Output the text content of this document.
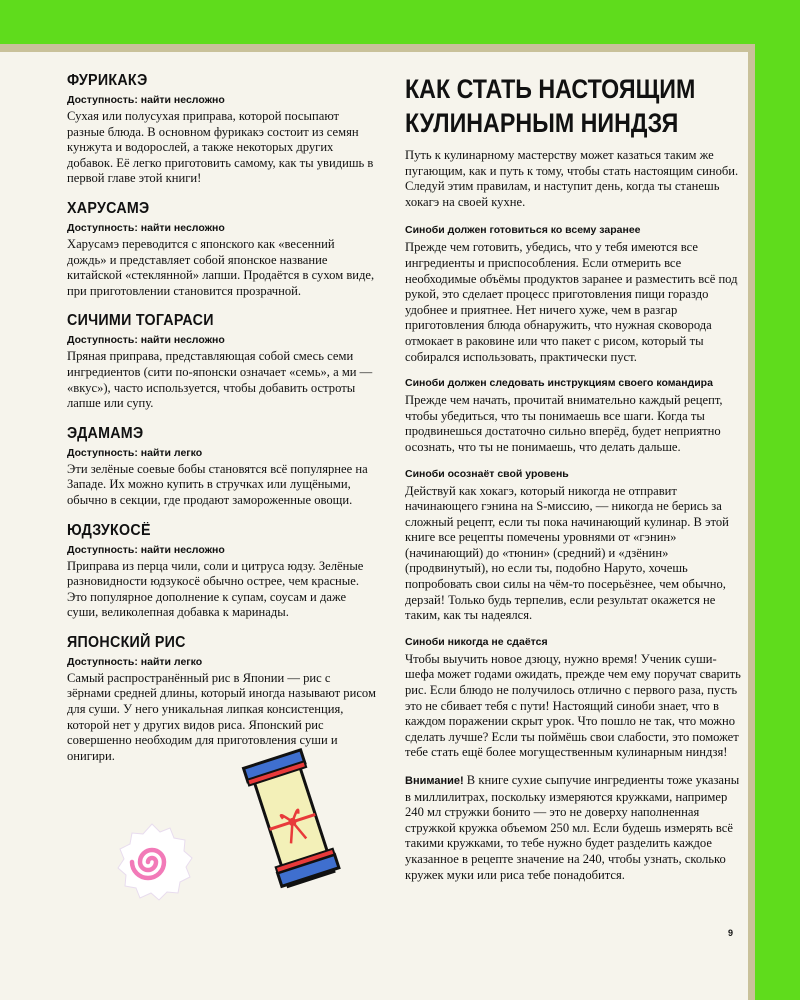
ФУРИКАКЭ
Доступность: найти несложно

Сухая или полусухая приправа, которой посыпают разные блюда. В основном фурикакэ состоит из семян кунжута и водорослей, а также некоторых других добавок. Её легко приготовить самому, как ты увидишь в первой главе этой книги!

ХАРУСАМЭ
Доступность: найти несложно

Харусамэ переводится с японского как «весенний дождь» и представляет собой японское название китайской «стеклянной» лапши. Продаётся в сухом виде, при приготовлении становится прозрачной.

СИЧИМИ ТОГАРАСИ
Доступность: найти несложно

Пряная приправа, представляющая собой смесь семи ингредиентов (сити по-японски означает «семь», а ми — «вкус»), часто используется, чтобы добавить остроты лапше или супу.

ЭДАМАМЭ
Доступность: найти легко

Эти зелёные соевые бобы становятся всё популярнее на Западе. Их можно купить в стручках или лущёными, обычно в секции, где продают замороженные овощи.

ЮДЗУКОСЁ
Доступность: найти несложно

Приправа из перца чили, соли и цитруса юдзу. Зелёные разновидности юдзукосё обычно острее, чем красные. Это популярное дополнение к супам, соусам и даже суши, великолепная добавка к маринады.

ЯПОНСКИЙ РИС
Доступность: найти легко

Самый распространённый рис в Японии — рис с зёрнами средней длины, который иногда называют рисом для суши. У него уникальная липкая консистенция, которой нет у других видов риса. Японский рис совершенно необходим для приготовления суши и онигири.

КАК СТАТЬ НАСТОЯЩИМ КУЛИНАРНЫМ НИНДЗЯ

Путь к кулинарному мастерству может казаться таким же пугающим, как и путь к тому, чтобы стать настоящим синоби. Следуй этим правилам, и наступит день, когда ты станешь хокагэ на своей кухне.

Синоби должен готовиться ко всему заранее

Прежде чем готовить, убедись, что у тебя имеются все ингредиенты и приспособления. Если отмерить все необходимые объёмы продуктов заранее и разместить всё под рукой, это сделает процесс приготовления пищи гораздо удобнее и приятнее. Нет ничего хуже, чем в разгар приготовления блюда обнаружить, что нужная сковорода отмокает в раковине или что пакет с рисом, который ты собирался использовать, практически пуст.

Синоби должен следовать инструкциям своего командира

Прежде чем начать, прочитай внимательно каждый рецепт, чтобы убедиться, что ты понимаешь все шаги. Когда ты продвинешься достаточно сильно вперёд, будет неприятно осознать, что ты не понимаешь, что делать дальше.

Синоби осознаёт свой уровень

Действуй как хокагэ, который никогда не отправит начинающего гэнина на S-миссию, — никогда не берись за сложный рецепт, если ты пока начинающий кулинар. В этой книге все рецепты помечены уровнями от «гэнин» (начинающий) до «тюнин» (средний) и «дзёнин» (продвинутый), но если ты, подобно Наруто, хочешь попробовать свои силы на чём-то посерьёзнее, чем обычно, дерзай! Только будь терпелив, если результат окажется не таким, как ты надеялся.

Синоби никогда не сдаётся

Чтобы выучить новое дзюцу, нужно время! Ученик суши-шефа может годами ожидать, прежде чем ему поручат сварить рис. Если блюдо не получилось отлично с первого раза, пусть это не сбивает тебя с пути! Настоящий синоби знает, что в каждом поражении скрыт урок. Что пошло не так, что можно сделать лучше? Если ты поймёшь свои слабости, это поможет тебе стать ещё более могущественным кулинарным ниндзя!

Внимание! В книге сухие сыпучие ингредиенты тоже указаны в миллилитрах, поскольку измеряются кружками, например 240 мл стружки бонито — это не доверху наполненная стружкой кружка объемом 250 мл. Если будешь измерять всё такими кружками, то тебе нужно будет разделить каждое указанное в рецепте значение на 240, чтобы узнать, сколько кружек муки или риса тебе понадобится.

9
